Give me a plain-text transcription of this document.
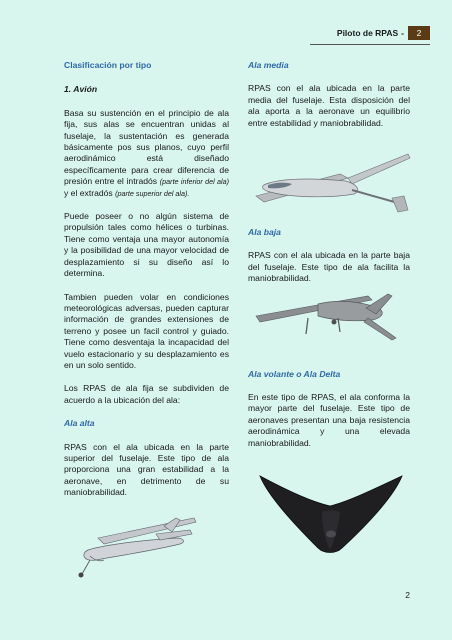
Piloto de RPAS -	2

Clasificación por tipo

1. Avión

Basa su sustención en el principio de ala fija, sus alas se encuentran unidas al fuselaje, la sustentación es generada básicamente pos sus planos, cuyo perfil aerodinámico está diseñado específicamente para crear diferencia de presión entre el intradós (parte inferior del ala) y el extradós (parte superior del ala).

Puede poseer o no algún sistema de propulsión tales como hélices o turbinas. Tiene como ventaja una mayor autonomía y la posibilidad de una mayor velocidad de desplazamiento si su diseño así lo determina.

Tambien pueden volar en condiciones meteorológicas adversas, pueden capturar información de grandes extensiones de terreno y posee un facil control y guiado. Tiene como desventaja la incapacidad del vuelo estacionario y su desplazamiento es en un solo sentido.

Los RPAS de ala fija se subdividen de acuerdo a la ubicación del ala:

Ala alta

RPAS con el ala ubicada en la parte superior del fuselaje. Este tipo de ala proporciona una gran estabilidad a la aeronave, en detrimento de su maniobrabilidad.

Ala media

RPAS con el ala ubicada en la parte media del fuselaje. Esta disposición del ala aporta a la aeronave un equilibrio entre estabilidad y maniobrabilidad.

Ala baja

RPAS con el ala ubicada en la parte baja del fuselaje. Este tipo de ala facilita la maniobrabilidad.

Ala volante o Ala Delta

En este tipo de RPAS, el ala conforma la mayor parte del fuselaje. Este tipo de aeronaves presentan una baja resistencia aerodinámica y una elevada maniobrabilidad.

2
